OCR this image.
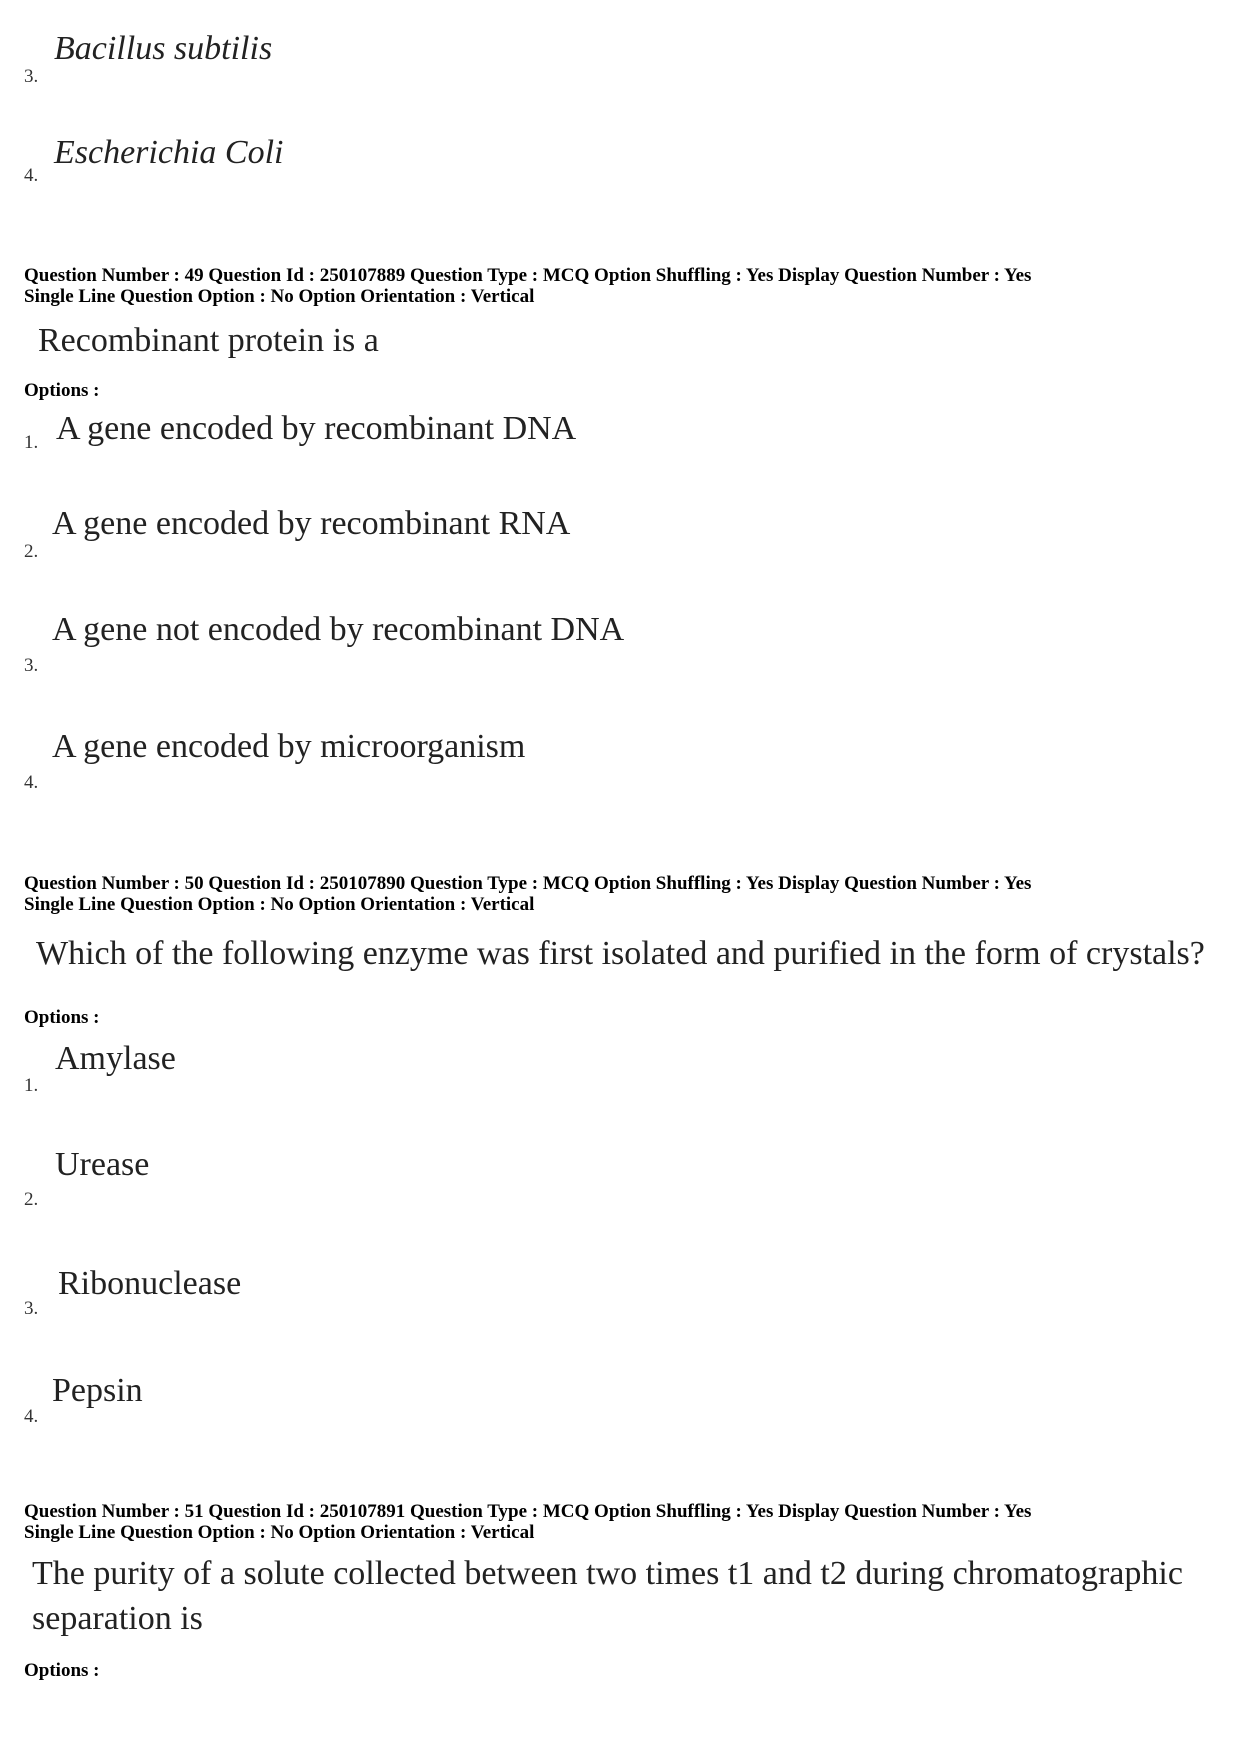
Bacillus subtilis
3.
Escherichia Coli
4.
Question Number : 49 Question Id : 250107889 Question Type : MCQ Option Shuffling : Yes Display Question Number : Yes
Single Line Question Option : No Option Orientation : Vertical
Recombinant protein is a
Options :
1. A gene encoded by recombinant DNA
A gene encoded by recombinant RNA
2.
A gene not encoded by recombinant DNA
3.
A gene encoded by microorganism
4.
Question Number : 50 Question Id : 250107890 Question Type : MCQ Option Shuffling : Yes Display Question Number : Yes
Single Line Question Option : No Option Orientation : Vertical
Which of the following enzyme was first isolated and purified in the form of crystals?
Options :
Amylase
1.
Urease
2.
Ribonuclease
3.
Pepsin
4.
Question Number : 51 Question Id : 250107891 Question Type : MCQ Option Shuffling : Yes Display Question Number : Yes
Single Line Question Option : No Option Orientation : Vertical
The purity of a solute collected between two times t1 and t2 during chromatographic
separation is
Options :
